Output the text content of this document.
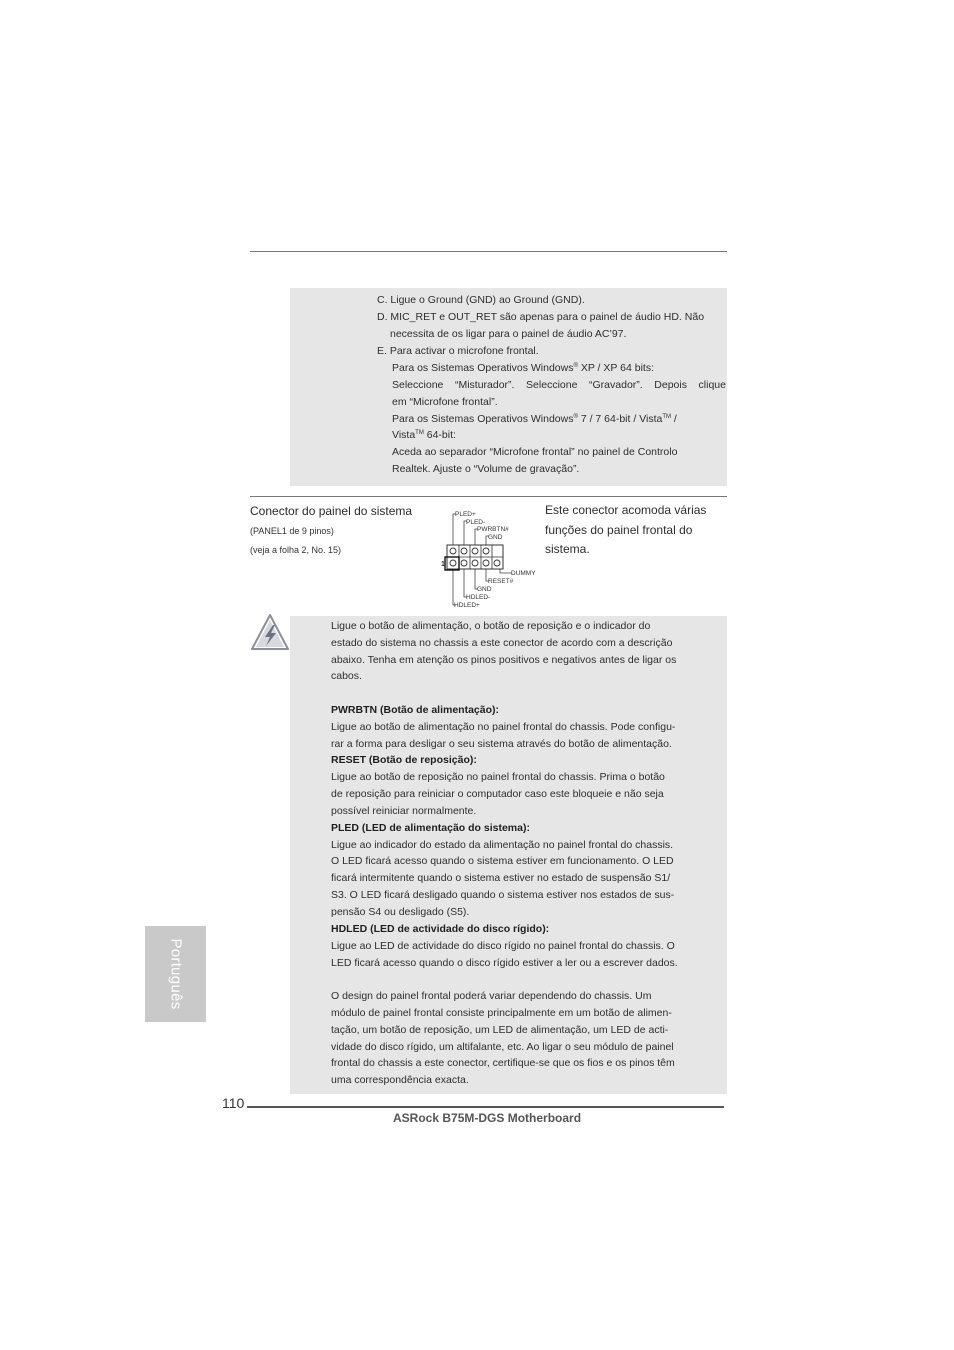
C. Ligue o Ground (GND) ao Ground (GND).
D. MIC_RET e OUT_RET são apenas para o painel de áudio HD. Não
necessita de os ligar para o painel de áudio AC’97.
E. Para activar o microfone frontal.
Para os Sistemas Operativos Windows® XP / XP 64 bits:
Seleccione “Misturador”. Seleccione “Gravador”. Depois clique
em “Microfone frontal”.
Para os Sistemas Operativos Windows® 7 / 7 64-bit / Vista™ /
Vista™ 64-bit:
Aceda ao separador “Microfone frontal” no painel de Controlo
Realtek. Ajuste o “Volume de gravação”.
Conector do painel do sistema
(PANEL1 de 9 pinos)
(veja a folha 2, No. 15)
Este conector acomoda várias
funções do painel frontal do
sistema.
PLED+
PLED-
PWRBTN#
GND
DUMMY
RESET#
GND
HDLED-
HDLED+
1
Ligue o botão de alimentação, o botão de reposição e o indicador do
estado do sistema no chassis a este conector de acordo com a descrição
abaixo. Tenha em atenção os pinos positivos e negativos antes de ligar os
cabos.
PWRBTN (Botão de alimentação):
Ligue ao botão de alimentação no painel frontal do chassis. Pode configu-
rar a forma para desligar o seu sistema através do botão de alimentação.
RESET (Botão de reposição):
Ligue ao botão de reposição no painel frontal do chassis. Prima o botão
de reposição para reiniciar o computador caso este bloqueie e não seja
possível reiniciar normalmente.
PLED (LED de alimentação do sistema):
Ligue ao indicador do estado da alimentação no painel frontal do chassis.
O LED ficará acesso quando o sistema estiver em funcionamento. O LED
ficará intermitente quando o sistema estiver no estado de suspensão S1/
S3. O LED ficará desligado quando o sistema estiver nos estados de sus-
pensão S4 ou desligado (S5).
HDLED (LED de actividade do disco rígido):
Ligue ao LED de actividade do disco rígido no painel frontal do chassis. O
LED ficará acesso quando o disco rígido estiver a ler ou a escrever dados.
O design do painel frontal poderá variar dependendo do chassis. Um
módulo de painel frontal consiste principalmente em um botão de alimen-
tação, um botão de reposição, um LED de alimentação, um LED de acti-
vidade do disco rígido, um altifalante, etc. Ao ligar o seu módulo de painel
frontal do chassis a este conector, certifique-se que os fios e os pinos têm
uma correspondência exacta.
Português
110
ASRock B75M-DGS Motherboard
